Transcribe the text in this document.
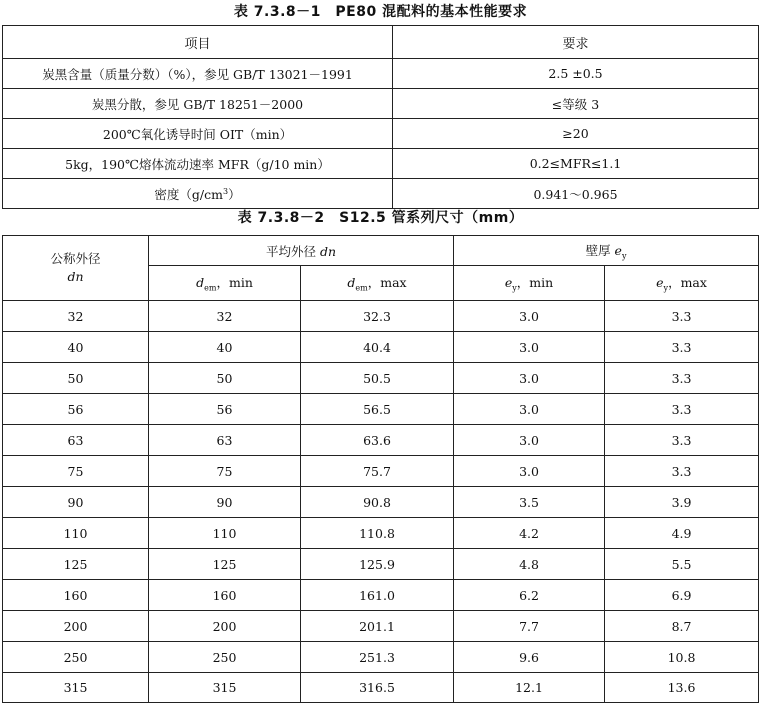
表 7.3.8－1　PE80 混配料的基本性能要求
项目	要求
炭黑含量（质量分数）（%），参见 GB/T 13021－1991	2.5 ±0.5
炭黑分散，参见 GB/T 18251－2000	≤等级 3
200℃氧化诱导时间 OIT（min）	≥20
5kg，190℃熔体流动速率 MFR（g/10 min）	0.2≤MFR≤1.1
密度$(g/cm^3)$	0.941～0.965
表 7.3.8－2　S12.5 管系列尺寸（mm）
公称外径
dn	平均外径 dn		壁厚 $e_y$
	$d_{em}$，min	$d_{em}$，max	$e_y$，min	$e_y$，max
32	32	32.3	3.0	3.3
40	40	40.4	3.0	3.3
50	50	50.5	3.0	3.3
56	56	56.5	3.0	3.3
63	63	63.6	3.0	3.3
75	75	75.7	3.0	3.3
90	90	90.8	3.5	3.9
110	110	110.8	4.2	4.9
125	125	125.9	4.8	5.5
160	160	161.0	6.2	6.9
200	200	201.1	7.7	8.7
250	250	251.3	9.6	10.8
315	315	316.5	12.1	13.6
